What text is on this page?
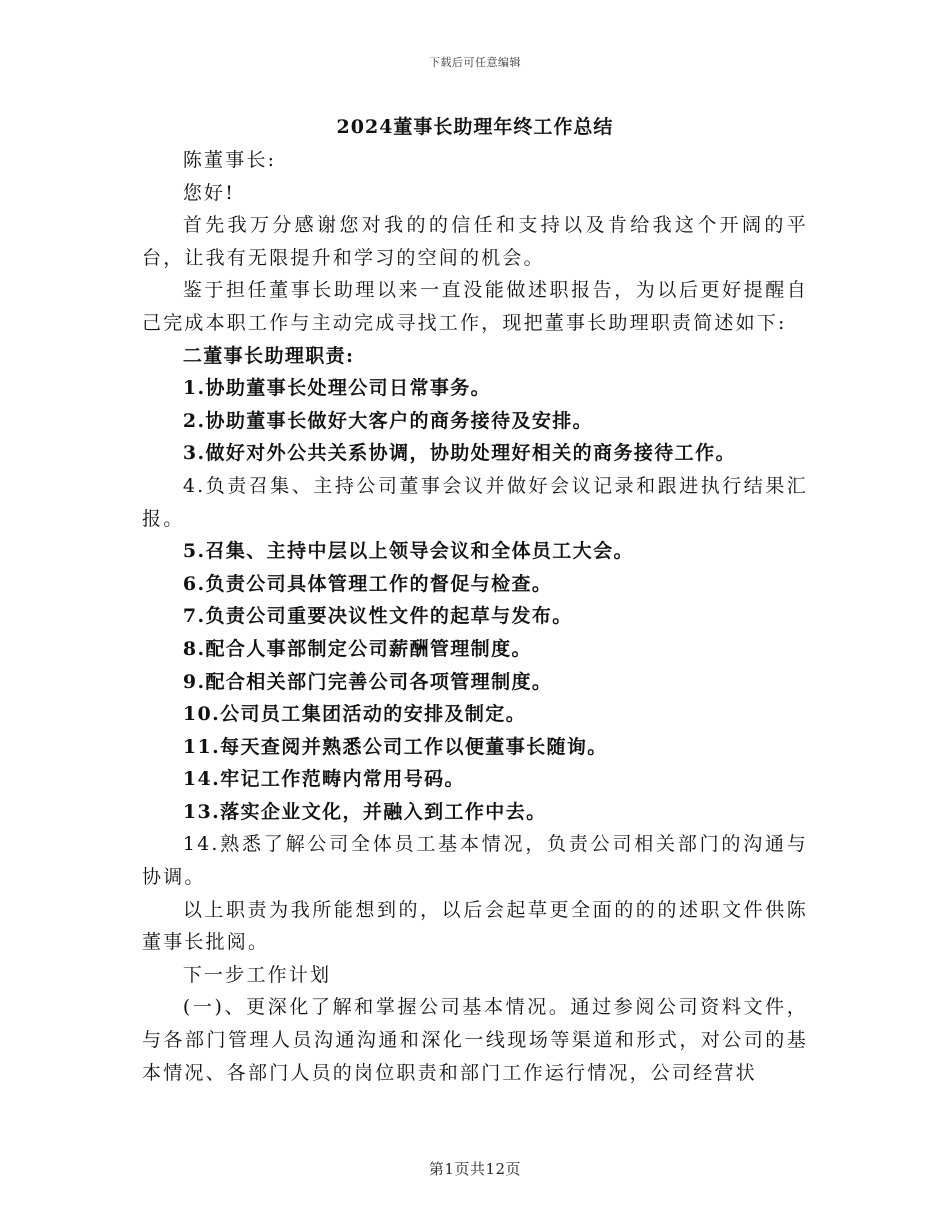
下载后可任意编辑
2024董事长助理年终工作总结

陈董事长:

您好!

首先我万分感谢您对我的的信任和支持以及肯给我这个开阔的平台，让我有无限提升和学习的空间的机会。

鉴于担任董事长助理以来一直没能做述职报告，为以后更好提醒自己完成本职工作与主动完成寻找工作，现把董事长助理职责简述如下:

二董事长助理职责:

1.协助董事长处理公司日常事务。

2.协助董事长做好大客户的商务接待及安排。

3.做好对外公共关系协调，协助处理好相关的商务接待工作。

4.负责召集、主持公司董事会议并做好会议记录和跟进执行结果汇报。

5.召集、主持中层以上领导会议和全体员工大会。

6.负责公司具体管理工作的督促与检查。

7.负责公司重要决议性文件的起草与发布。

8.配合人事部制定公司薪酬管理制度。

9.配合相关部门完善公司各项管理制度。

10.公司员工集团活动的安排及制定。

11.每天查阅并熟悉公司工作以便董事长随询。

14.牢记工作范畴内常用号码。

13.落实企业文化，并融入到工作中去。

14.熟悉了解公司全体员工基本情况，负责公司相关部门的沟通与协调。

以上职责为我所能想到的，以后会起草更全面的的的述职文件供陈董事长批阅。

下一步工作计划

(一)、更深化了解和掌握公司基本情况。通过参阅公司资料文件，与各部门管理人员沟通沟通和深化一线现场等渠道和形式，对公司的基本情况、各部门人员的岗位职责和部门工作运行情况，公司经营状

第1页共12页
